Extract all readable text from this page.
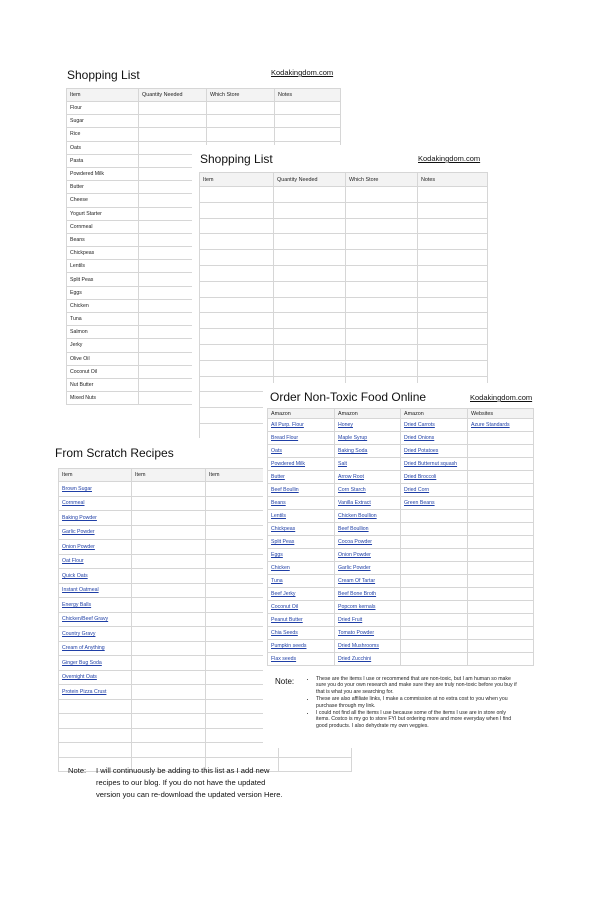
Shopping List	Kodakingdom.com
Item	Quantity Needed	Which Store	Notes
Flour			
Sugar			
Rice			
Oats			
Pasta			
Powdered Milk			
Butter			
Cheese			
Yogurt Starter			
Cornmeal			
Beans			
Chickpeas			
Lentils			
Split Peas			
Eggs			
Chicken			
Tuna			
Salmon			
Jerky			
Olive Oil			
Coconut Oil			
Nut Butter			
Mixed Nuts			
Shopping List	Kodakingdom.com
Item	Quantity Needed	Which Store	Notes

From Scratch Recipes
Item	Item	Item	
Brown Sugar			
Cornmeal			
Baking Powder			
Garlic Powder			
Onion Powder			
Oat Flour			
Quick Oats			
Instant Oatmeal			
Energy Balls			
Chicken/Beef Gravy			
Country Gravy			
Cream of Anything			
Ginger Bug Soda			
Overnight Oats			
Protein Pizza Crust			

Order Non-Toxic Food Online	Kodakingdom.com
Amazon	Amazon	Amazon	Websites
All Purp. Flour	Honey	Dried Carrots	Azure Standards
Bread Flour	Maple Syrup	Dried Onions	
Oats	Baking Soda	Dried Potatoes	
Powdered Milk	Salt	Dried Butternut squash	
Butter	Arrow Root	Dried Broccoli	
Beef Boullin	Corn Starch	Dried Corn	
Beans	Vanilla Extract	Green Beans	
Lentils	Chicken Boullion		
Chickpeas	Beef Boullion		
Split Peas	Cocoa Powder		
Eggs	Onion Powder		
Chicken	Garlic Powder		
Tuna	Cream Of Tartar		
Beef Jerky	Beef Bone Broth		
Coconut Oil	Popcorn kernals		
Peanut Butter	Dried Fruit		
Chia Seeds	Tomato Powder		
Pumpkin seeds	Dried Mushrooms		
Flax seeds	Dried Zucchini		
Note:	• These are the items I use or recommend that are non-toxic, but I am human so make sure you do your own research and make sure they are truly non-toxic before you buy if that is what you are searching for.
• These are also affiliate links, I make a commission at no extra cost to you when you purchase through my link.
• I could not find all the items I use because some of the items I use are in store only items. Costco is my go to store FYI but ordering more and more everyday when I find good products. I also dehydrate my own veggies.
Note: I will continuously be adding to this list as I add new
recipes to our blog. If you do not have the updated
version you can re-download the updated version Here.
